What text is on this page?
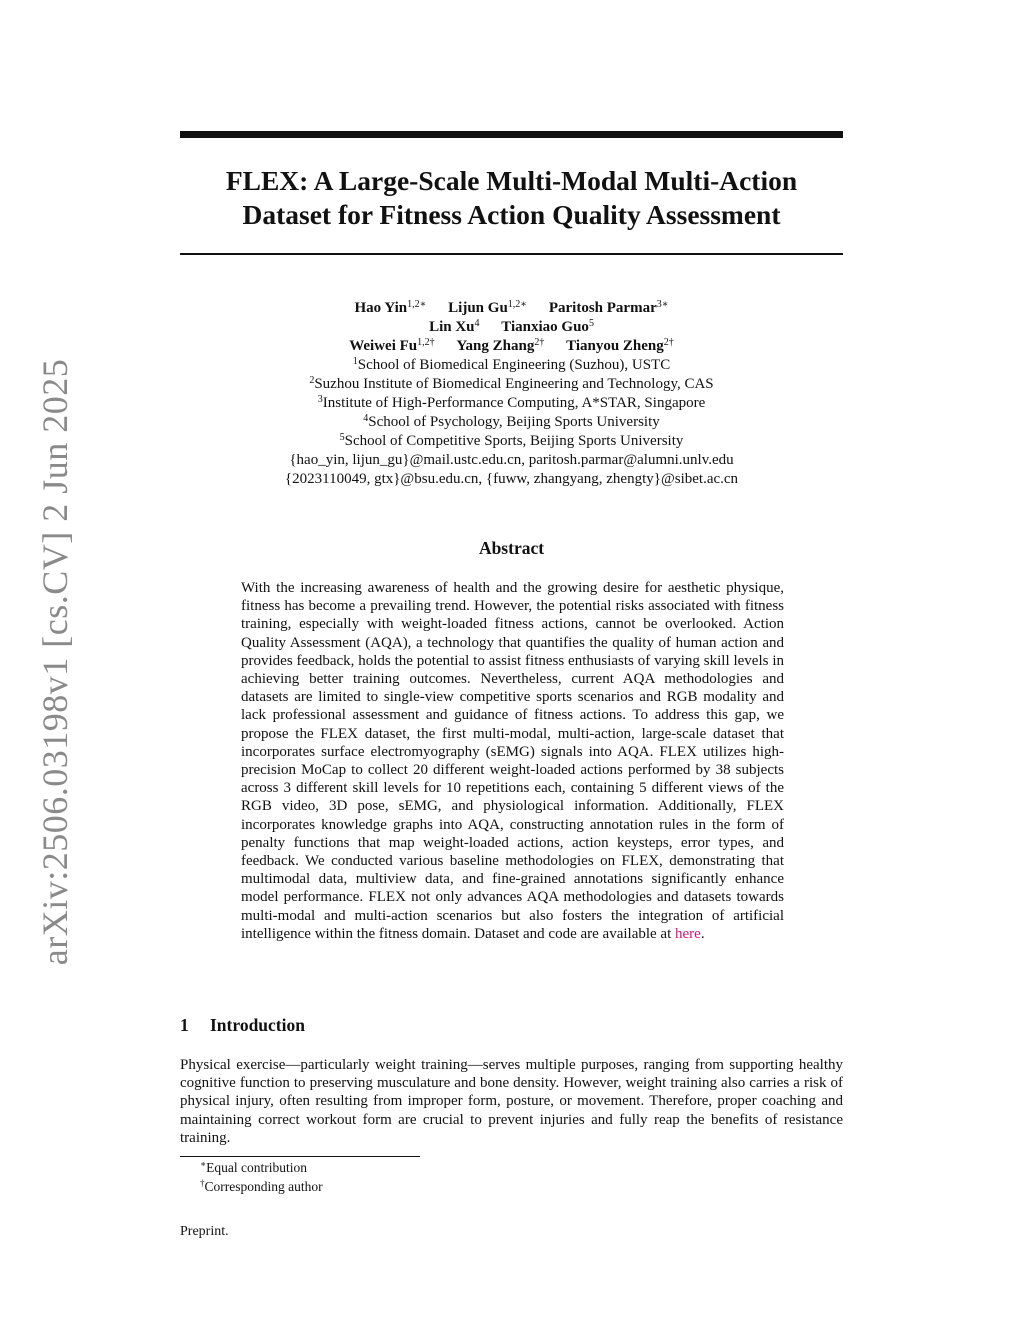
arXiv:2506.03198v1 [cs.CV] 2 Jun 2025
FLEX: A Large-Scale Multi-Modal Multi-Action
Dataset for Fitness Action Quality Assessment
Hao Yin$^{1,2∗}$ Lijun $Gu^{1,2∗}$ Paritosh Parmar$^{3∗}$
Lin Xu$^4$ Tianxiao Guo$^5$
Weiwei $Fu^{1,2\dagger}$ Yang Zhang$^{2\dagger}$ Tianyou Zheng$^{2\dagger}$
$^1$School of Biomedical Engineering (Suzhou), USTC
$^2$Suzhou Institute of Biomedical Engineering and Technology, CAS
$^3$Institute of High-Performance Computing, A*STAR, Singapore
$^4$School of Psychology, Beijing Sports University
$^5$School of Competitive Sports, Beijing Sports University
{hao_yin, lijun_gu}@mail.ustc.edu.cn, paritosh.parmar@alumni.unlv.edu
{2023110049, gtx}@bsu.edu.cn, {fuww, zhangyang, zhengty}@sibet.ac.cn
Abstract

With the increasing awareness of health and the growing desire for aesthetic physique, fitness has become a prevailing trend. However, the potential risks associated with fitness training, especially with weight-loaded fitness actions, cannot be overlooked. Action Quality Assessment (AQA), a technology that quantifies the quality of human action and provides feedback, holds the potential to assist fitness enthusiasts of varying skill levels in achieving better training outcomes. Nevertheless, current AQA methodologies and datasets are limited to single-view competitive sports scenarios and RGB modality and lack professional assessment and guidance of fitness actions. To address this gap, we propose the FLEX dataset, the first multi-modal, multi-action, large-scale dataset that incorporates surface electromyography (sEMG) signals into AQA. FLEX utilizes high-precision MoCap to collect 20 different weight-loaded actions performed by 38 subjects across 3 different skill levels for 10 repetitions each, containing 5 different views of the RGB video, 3D pose, sEMG, and physiological information. Additionally, FLEX incorporates knowledge graphs into AQA, constructing annotation rules in the form of penalty functions that map weight-loaded actions, action keysteps, error types, and feedback. We conducted various baseline methodologies on FLEX, demonstrating that multimodal data, multiview data, and fine-grained annotations significantly enhance model performance. FLEX not only advances AQA methodologies and datasets towards multi-modal and multi-action scenarios but also fosters the integration of artificial intelligence within the fitness domain. Dataset and code are available at here.

1 Introduction

Physical exercise—particularly weight training—serves multiple purposes, ranging from supporting healthy cognitive function to preserving musculature and bone density. However, weight training also carries a risk of physical injury, often resulting from improper form, posture, or movement. Therefore, proper coaching and maintaining correct workout form are crucial to prevent injuries and fully reap the benefits of resistance training.

∗Equal contribution
†Corresponding author
Preprint.
